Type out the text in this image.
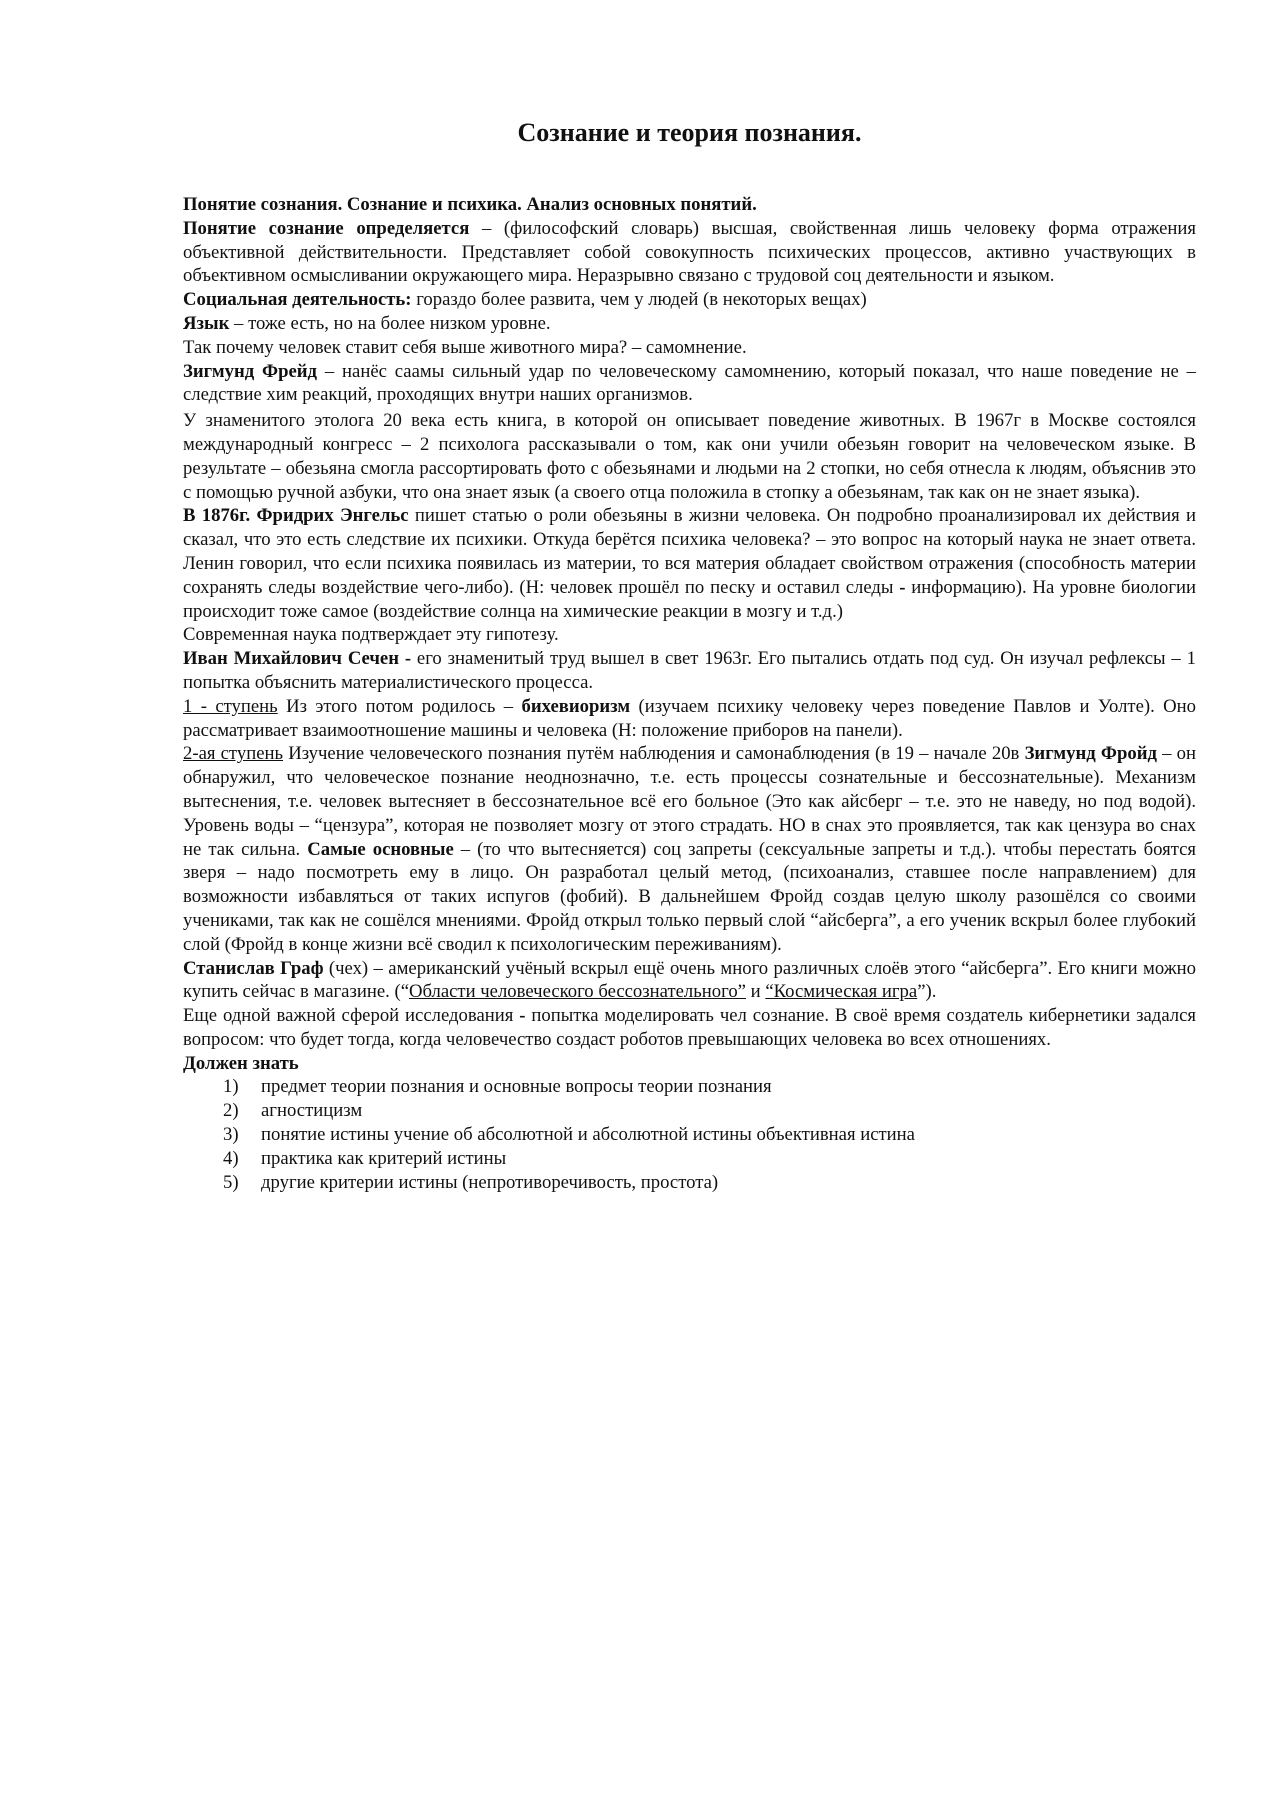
Сознание и теория познания.

Понятие сознания. Сознание и психика. Анализ основных понятий.

Понятие сознание определяется – (философский словарь) высшая, свойственная лишь человеку форма отражения объективной действительности. Представляет собой совокупность психических процессов, активно участвующих в объективном осмысливании окружающего мира. Неразрывно связано с трудовой соц деятельности и языком.

Социальная деятельность: гораздо более развита, чем у людей (в некоторых вещах)

Язык – тоже есть, но на более низком уровне.

Так почему человек ставит себя выше животного мира? – самомнение.

Зигмунд Фрейд – нанёс саамы сильный удар по человеческому самомнению, который показал, что наше поведение не – следствие хим реакций, проходящих внутри наших организмов.

У знаменитого этолога 20 века есть книга, в которой он описывает поведение животных. В 1967г в Москве состоялся международный конгресс – 2 психолога рассказывали о том, как они учили обезьян говорит на человеческом языке. В результате – обезьяна смогла рассортировать фото с обезьянами и людьми на 2 стопки, но себя отнесла к людям, объяснив это с помощью ручной азбуки, что она знает язык (а своего отца положила в стопку а обезьянам, так как он не знает языка).

В 1876г. Фридрих Энгельс пишет статью о роли обезьяны в жизни человека. Он подробно проанализировал их действия и сказал, что это есть следствие их психики. Откуда берётся психика человека? – это вопрос на который наука не знает ответа. Ленин говорил, что если психика появилась из материи, то вся материя обладает свойством отражения (способность материи сохранять следы воздействие чего-либо). (Н: человек прошёл по песку и оставил следы - информацию). На уровне биологии происходит тоже самое (воздействие солнца на химические реакции в мозгу и т.д.)

Современная наука подтверждает эту гипотезу.

Иван Михайлович Сечен - его знаменитый труд вышел в свет 1963г. Его пытались отдать под суд. Он изучал рефлексы – 1 попытка объяснить материалистического процесса.

1 - ступень Из этого потом родилось – бихевиоризм (изучаем психику человеку через поведение Павлов и Уолте). Оно рассматривает взаимоотношение машины и человека (Н: положение приборов на панели).

2-ая ступень Изучение человеческого познания путём наблюдения и самонаблюдения (в 19 – начале 20в Зигмунд Фройд – он обнаружил, что человеческое познание неоднозначно, т.е. есть процессы сознательные и бессознательные). Механизм вытеснения, т.е. человек вытесняет в бессознательное всё его больное (Это как айсберг – т.е. это не наведу, но под водой). Уровень воды – “цензура”, которая не позволяет мозгу от этого страдать. НО в снах это проявляется, так как цензура во снах не так сильна. Самые основные – (то что вытесняется) соц запреты (сексуальные запреты и т.д.). чтобы перестать боятся зверя – надо посмотреть ему в лицо. Он разработал целый метод, (психоанализ, ставшее после направлением) для возможности избавляться от таких испугов (фобий). В дальнейшем Фройд создав целую школу разошёлся со своими учениками, так как не сошёлся мнениями. Фройд открыл только первый слой “айсберга”, а его ученик вскрыл более глубокий слой (Фройд в конце жизни всё сводил к психологическим переживаниям).

Станислав Граф (чех) – американский учёный вскрыл ещё очень много различных слоёв этого “айсберга”. Его книги можно купить сейчас в магазине. (“Области человеческого бессознательного” и “Космическая игра”).

Еще одной важной сферой исследования - попытка моделировать чел сознание. В своё время создатель кибернетики задался вопросом: что будет тогда, когда человечество создаст роботов превышающих человека во всех отношениях.

Должен знать

1) предмет теории познания и основные вопросы теории познания
2) агностицизм
3) понятие истины учение об абсолютной и абсолютной истины объективная истина
4) практика как критерий истины
5) другие критерии истины (непротиворечивость, простота)
